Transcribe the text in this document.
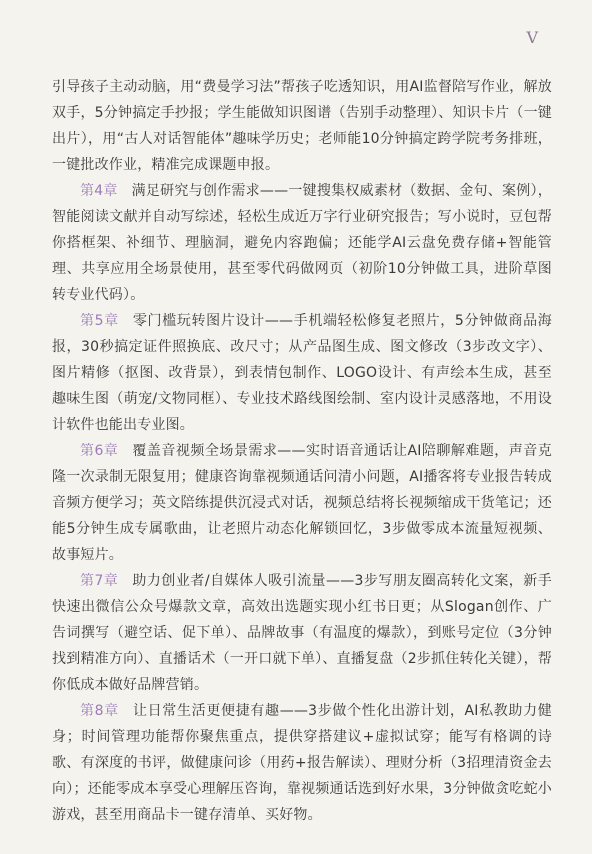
V

引导孩子主动动脑，用“费曼学习法”帮孩子吃透知识，用AI监督陪写作业，解放双手，5分钟搞定手抄报；学生能做知识图谱（告别手动整理）、知识卡片（一键出片），用“古人对话智能体”趣味学历史；老师能10分钟搞定跨学院考务排班，一键批改作业，精准完成课题申报。

第4章 满足研究与创作需求——一键搜集权威素材（数据、金句、案例），智能阅读文献并自动写综述，轻松生成近万字行业研究报告；写小说时，豆包帮你搭框架、补细节、理脑洞，避免内容跑偏；还能学AI云盘免费存储+智能管理、共享应用全场景使用，甚至零代码做网页（初阶10分钟做工具，进阶草图转专业代码）。

第5章 零门槛玩转图片设计——手机端轻松修复老照片，5分钟做商品海报，30秒搞定证件照换底、改尺寸；从产品图生成、图文修改（3步改文字）、图片精修（抠图、改背景），到表情包制作、LOGO设计、有声绘本生成，甚至趣味生图（萌宠/文物同框）、专业技术路线图绘制、室内设计灵感落地，不用设计软件也能出专业图。

第6章 覆盖音视频全场景需求——实时语音通话让AI陪聊解难题，声音克隆一次录制无限复用；健康咨询靠视频通话问清小问题，AI播客将专业报告转成音频方便学习；英文陪练提供沉浸式对话，视频总结将长视频缩成干货笔记；还能5分钟生成专属歌曲，让老照片动态化解锁回忆，3步做零成本流量短视频、故事短片。

第7章 助力创业者/自媒体人吸引流量——3步写朋友圈高转化文案，新手快速出微信公众号爆款文章，高效出选题实现小红书日更；从Slogan创作、广告词撰写（避空话、促下单）、品牌故事（有温度的爆款），到账号定位（3分钟找到精准方向）、直播话术（一开口就下单）、直播复盘（2步抓住转化关键），帮你低成本做好品牌营销。

第8章 让日常生活更便捷有趣——3步做个性化出游计划，AI私教助力健身；时间管理功能帮你聚焦重点，提供穿搭建议+虚拟试穿；能写有格调的诗歌、有深度的书评，做健康问诊（用药+报告解读）、理财分析（3招理清资金去向）；还能零成本享受心理解压咨询，靠视频通话选到好水果，3分钟做贪吃蛇小游戏，甚至用商品卡一键存清单、买好物。
